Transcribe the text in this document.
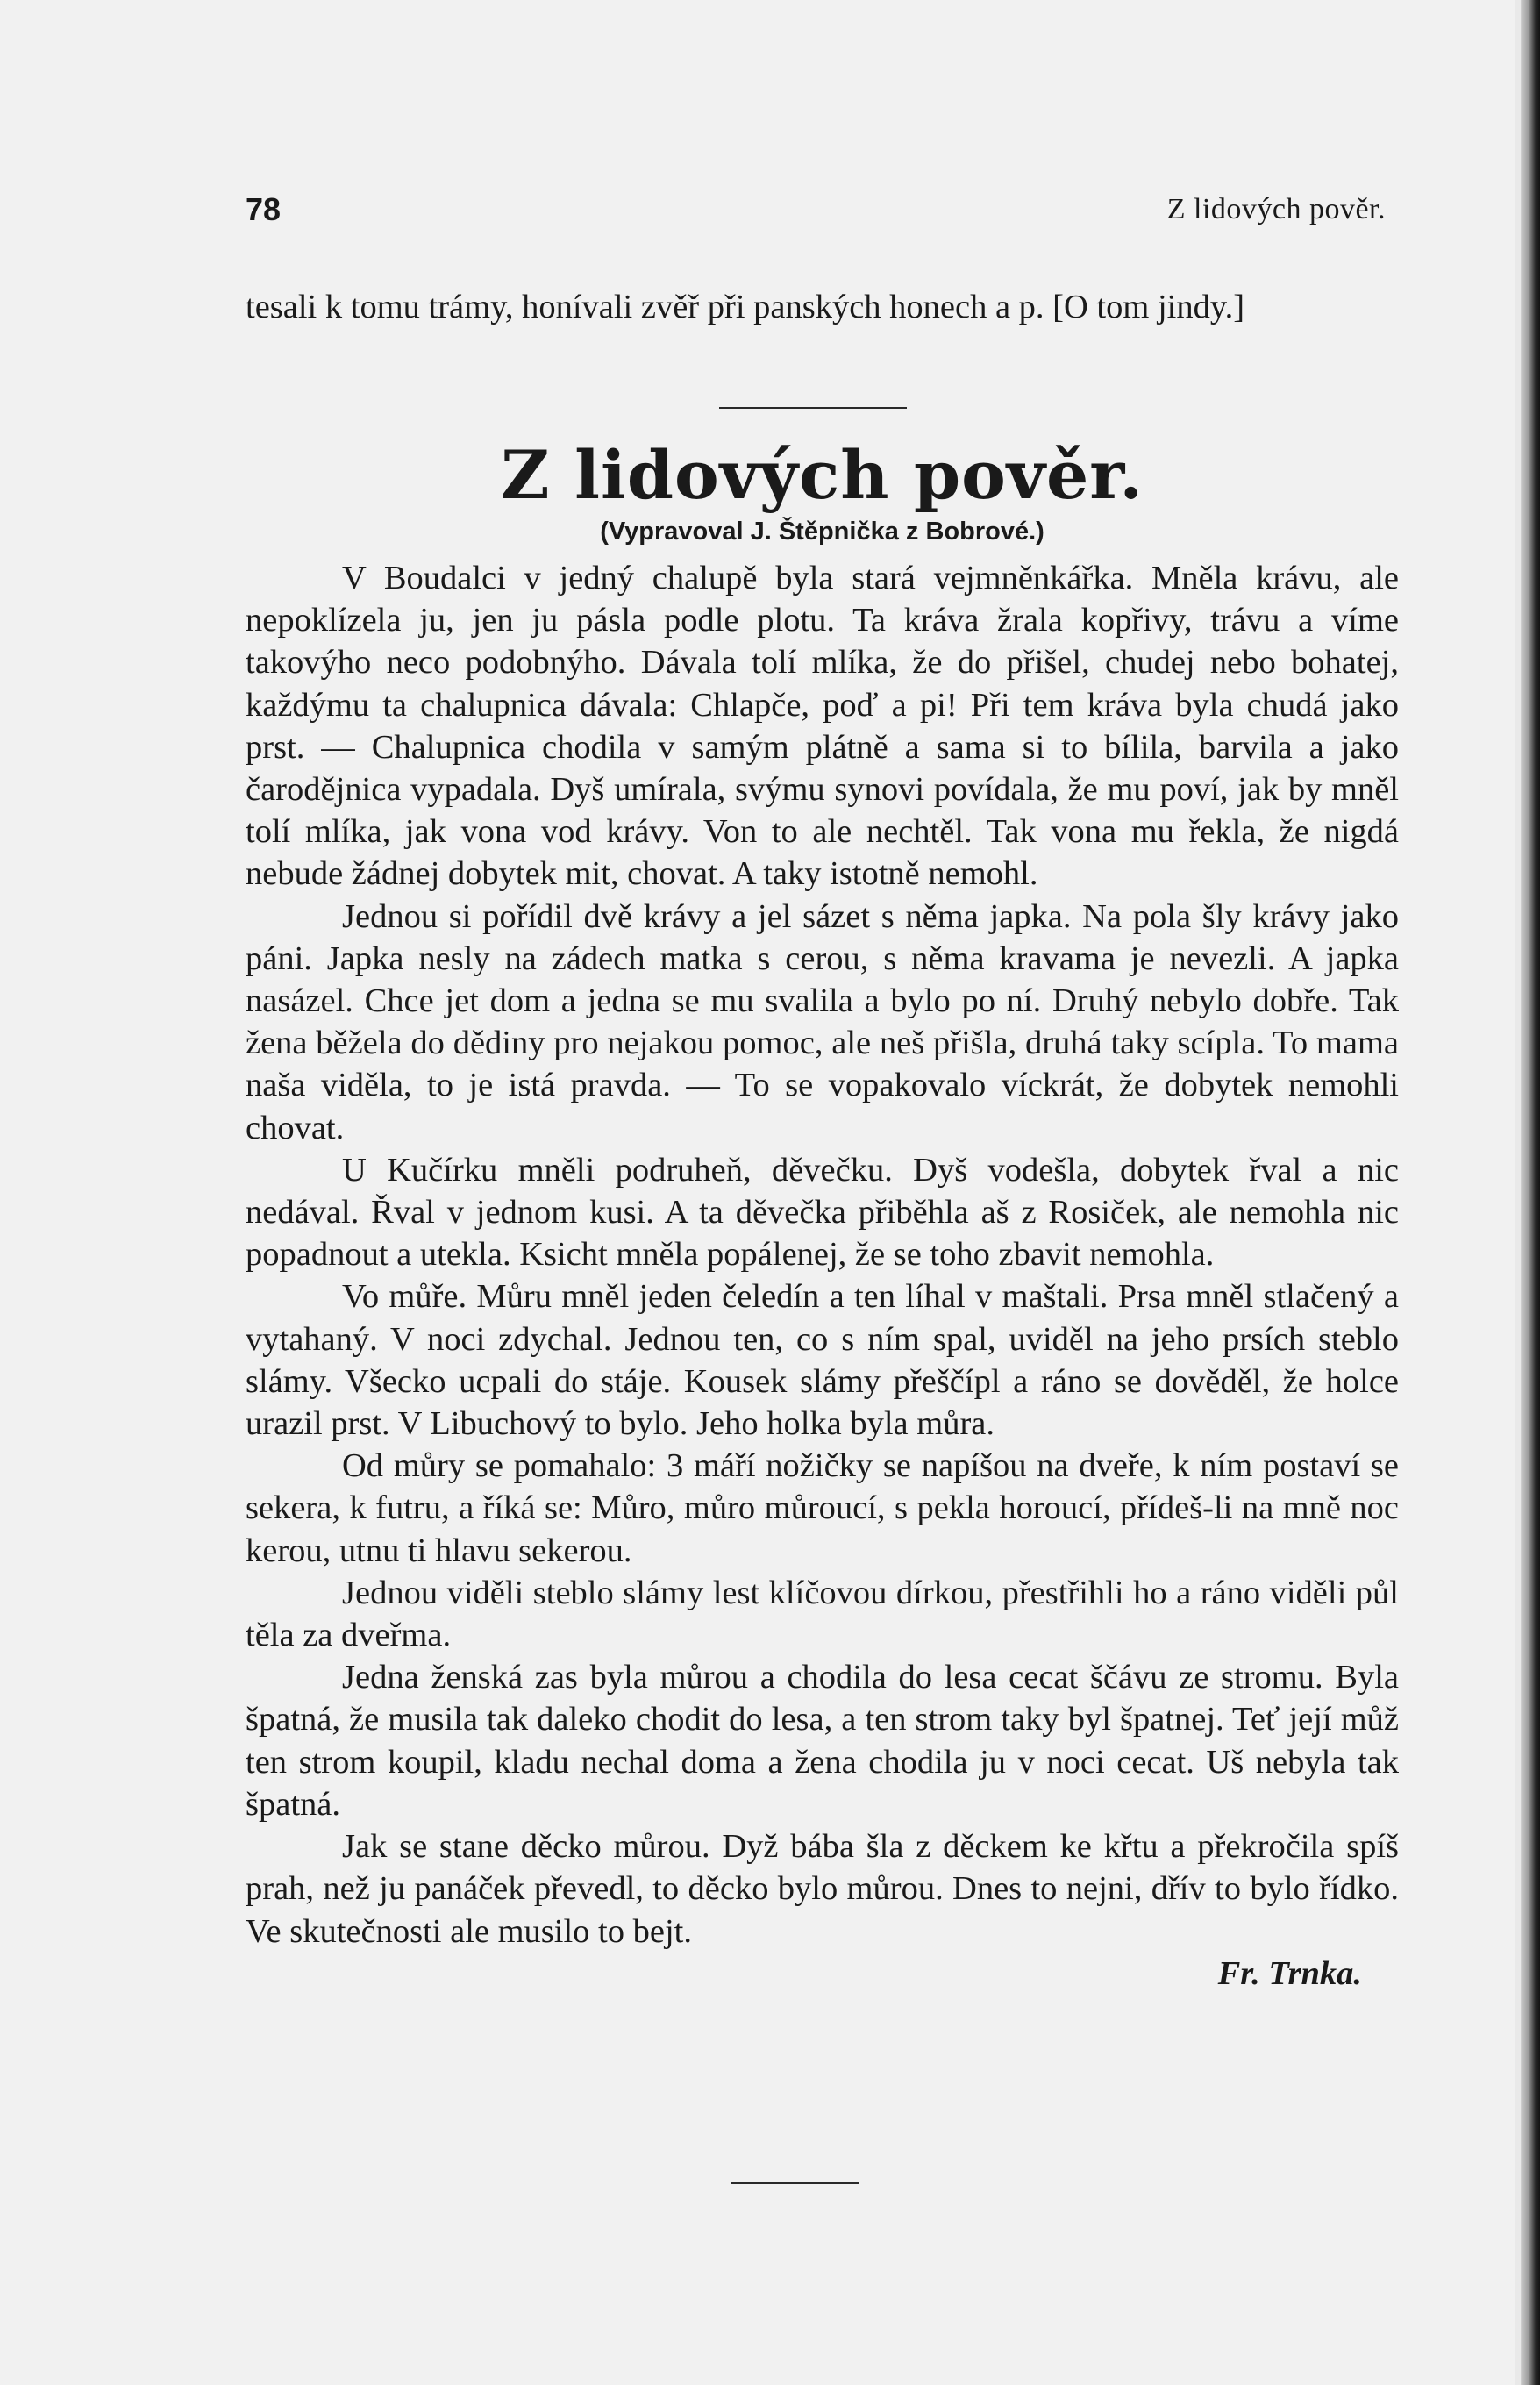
78	Z lidových pověr.

tesali k tomu trámy, honívali zvěř při panských honech a p. [O tom jindy.]

Z lidových pověr.
(Vypravoval J. Štěpnička z Bobrové.)

V Boudalci v jedný chalupě byla stará vejmněnkářka. Mněla krávu, ale nepoklízela ju, jen ju pásla podle plotu. Ta kráva žrala kopřivy, trávu a víme takovýho neco podobnýho. Dávala tolí mlíka, že do přišel, chudej nebo bohatej, každýmu ta chalupnica dávala: Chlapče, poď a pi! Při tem kráva byla chudá jako prst. — Chalupnica chodila v samým plátně a sama si to bílila, barvila a jako čarodějnica vypadala. Dyš umírala, svýmu synovi povídala, že mu poví, jak by mněl tolí mlíka, jak vona vod krávy. Von to ale nechtěl. Tak vona mu řekla, že nigdá nebude žádnej dobytek mit, chovat. A taky istotně nemohl.

Jednou si pořídil dvě krávy a jel sázet s něma japka. Na pola šly krávy jako páni. Japka nesly na zádech matka s cerou, s něma kravama je nevezli. A japka nasázel. Chce jet dom a jedna se mu svalila a bylo po ní. Druhý nebylo dobře. Tak žena běžela do dědiny pro nejakou pomoc, ale neš přišla, druhá taky scípla. To mama naša viděla, to je istá pravda. — To se vopakovalo víckrát, že dobytek nemohli chovat.

U Kučírku mněli podruheň, děvečku. Dyš vodešla, dobytek řval a nic nedával. Řval v jednom kusi. A ta děvečka přiběhla aš z Rosiček, ale nemohla nic popadnout a utekla. Ksicht mněla popálenej, že se toho zbavit nemohla.

Vo můře. Můru mněl jeden čeledín a ten líhal v maštali. Prsa mněl stlačený a vytahaný. V noci zdychal. Jednou ten, co s ním spal, uviděl na jeho prsích steblo slámy. Všecko ucpali do stáje. Kousek slámy přeščípl a ráno se dověděl, že holce urazil prst. V Libuchový to bylo. Jeho holka byla můra.

Od můry se pomahalo: 3 máří nožičky se napíšou na dveře, k ním postaví se sekera, k futru, a říká se: Můro, můro můroucí, s pekla horoucí, přídeš-li na mně noc kerou, utnu ti hlavu sekerou.

Jednou viděli steblo slámy lest klíčovou dírkou, přestřihli ho a ráno viděli půl těla za dveřma.

Jedna ženská zas byla můrou a chodila do lesa cecat ščávu ze stromu. Byla špatná, že musila tak daleko chodit do lesa, a ten strom taky byl špatnej. Teť její můž ten strom koupil, kladu nechal doma a žena chodila ju v noci cecat. Uš nebyla tak špatná.

Jak se stane děcko můrou. Dyž bába šla z děckem ke křtu a překročila spíš prah, než ju panáček převedl, to děcko bylo můrou. Dnes to nejni, dřív to bylo řídko. Ve skutečnosti ale musilo to bejt.

Fr. Trnka.
